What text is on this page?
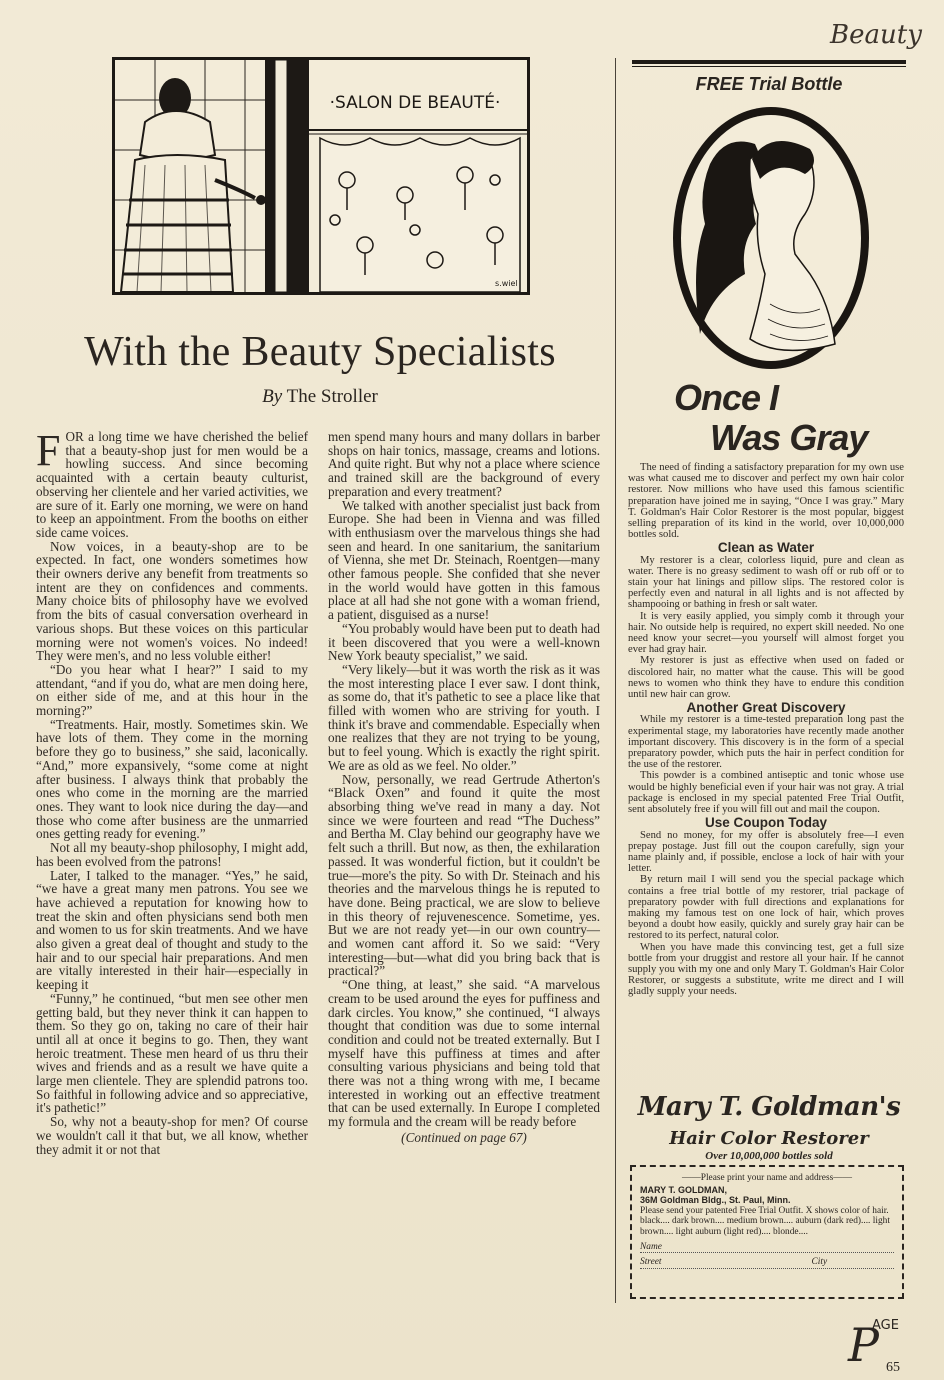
Beauty
·SALON DE BEAUTÉ·
s.wiel
With the Beauty Specialists
By The Stroller

FOR a long time we have cherished the belief that a beauty-shop just for men would be a howling success. And since becoming acquainted with a certain beauty culturist, observing her clientele and her varied activities, we are sure of it. Early one morning, we were on hand to keep an appointment. From the booths on either side came voices.

Now voices, in a beauty-shop are to be expected. In fact, one wonders sometimes how their owners derive any benefit from treatments so intent are they on confidences and comments. Many choice bits of philosophy have we evolved from the bits of casual conversation overheard in various shops. But these voices on this particular morning were not women's voices. No indeed! They were men's, and no less voluble either!

“Do you hear what I hear?” I said to my attendant, “and if you do, what are men doing here, on either side of me, and at this hour in the morning?”

“Treatments. Hair, mostly. Sometimes skin. We have lots of them. They come in the morning before they go to business,” she said, laconically. “And,” more expansively, “some come at night after business. I always think that probably the ones who come in the morning are the married ones. They want to look nice during the day—and those who come after business are the unmarried ones getting ready for evening.”

Not all my beauty-shop philosophy, I might add, has been evolved from the patrons!

Later, I talked to the manager. “Yes,” he said, “we have a great many men patrons. You see we have achieved a reputation for knowing how to treat the skin and often physicians send both men and women to us for skin treatments. And we have also given a great deal of thought and study to the hair and to our special hair preparations. And men are vitally interested in their hair—especially in keeping it

“Funny,” he continued, “but men see other men getting bald, but they never think it can happen to them. So they go on, taking no care of their hair until all at once it begins to go. Then, they want heroic treatment. These men heard of us thru their wives and friends and as a result we have quite a large men clientele. They are splendid patrons too. So faithful in following advice and so appreciative, it's pathetic!”

So, why not a beauty-shop for men? Of course we wouldn't call it that but, we all know, whether they admit it or not that

men spend many hours and many dollars in barber shops on hair tonics, massage, creams and lotions. And quite right. But why not a place where science and trained skill are the background of every preparation and every treatment?

We talked with another specialist just back from Europe. She had been in Vienna and was filled with enthusiasm over the marvelous things she had seen and heard. In one sanitarium, the sanitarium of Vienna, she met Dr. Steinach, Roentgen—many other famous people. She confided that she never in the world would have gotten in this famous place at all had she not gone with a woman friend, a patient, disguised as a nurse!

“You probably would have been put to death had it been discovered that you were a well-known New York beauty specialist,” we said.

“Very likely—but it was worth the risk as it was the most interesting place I ever saw. I dont think, as some do, that it's pathetic to see a place like that filled with women who are striving for youth. I think it's brave and commendable. Especially when one realizes that they are not trying to be young, but to feel young. Which is exactly the right spirit. We are as old as we feel. No older.”

Now, personally, we read Gertrude Atherton's “Black Oxen” and found it quite the most absorbing thing we've read in many a day. Not since we were fourteen and read “The Duchess” and Bertha M. Clay behind our geography have we felt such a thrill. But now, as then, the exhilaration passed. It was wonderful fiction, but it couldn't be true—more's the pity. So with Dr. Steinach and his theories and the marvelous things he is reputed to have done. Being practical, we are slow to believe in this theory of rejuvenescence. Sometime, yes. But we are not ready yet—in our own country—and women cant afford it. So we said: “Very interesting—but—what did you bring back that is practical?”

“One thing, at least,” she said. “A marvelous cream to be used around the eyes for puffiness and dark circles. You know,” she continued, “I always thought that condition was due to some internal condition and could not be treated externally. But I myself have this puffiness at times and after consulting various physicians and being told that there was not a thing wrong with me, I became interested in working out an effective treatment that can be used externally. In Europe I completed my formula and the cream will be ready before

(Continued on page 67)

FREE Trial Bottle
Once I
Was Gray

The need of finding a satisfactory preparation for my own use was what caused me to discover and perfect my own hair color restorer. Now millions who have used this famous scientific preparation have joined me in saying, “Once I was gray.” Mary T. Goldman's Hair Color Restorer is the most popular, biggest selling preparation of its kind in the world, over 10,000,000 bottles sold.

Clean as Water

My restorer is a clear, colorless liquid, pure and clean as water. There is no greasy sediment to wash off or rub off or to stain your hat linings and pillow slips. The restored color is perfectly even and natural in all lights and is not affected by shampooing or bathing in fresh or salt water.

It is very easily applied, you simply comb it through your hair. No outside help is required, no expert skill needed. No one need know your secret—you yourself will almost forget you ever had gray hair.

My restorer is just as effective when used on faded or discolored hair, no matter what the cause. This will be good news to women who think they have to endure this condition until new hair can grow.

Another Great Discovery

While my restorer is a time-tested preparation long past the experimental stage, my laboratories have recently made another important discovery. This discovery is in the form of a special preparatory powder, which puts the hair in perfect condition for the use of the restorer.

This powder is a combined antiseptic and tonic whose use would be highly beneficial even if your hair was not gray. A trial package is enclosed in my special patented Free Trial Outfit, sent absolutely free if you will fill out and mail the coupon.

Use Coupon Today

Send no money, for my offer is absolutely free—I even prepay postage. Just fill out the coupon carefully, sign your name plainly and, if possible, enclose a lock of hair with your letter.

By return mail I will send you the special package which contains a free trial bottle of my restorer, trial package of preparatory powder with full directions and explanations for making my famous test on one lock of hair, which proves beyond a doubt how easily, quickly and surely gray hair can be restored to its perfect, natural color.

When you have made this convincing test, get a full size bottle from your druggist and restore all your hair. If he cannot supply you with my one and only Mary T. Goldman's Hair Color Restorer, or suggests a substitute, write me direct and I will gladly supply your needs.

Mary T. Goldman's
Hair Color Restorer
Over 10,000,000 bottles sold
——Please print your name and address——
MARY T. GOLDMAN,
36M Goldman Bldg., St. Paul, Minn.
Please send your patented Free Trial Outfit. X shows color of hair.
black.... dark brown.... medium brown.... auburn (dark red).... light brown.... light auburn (light red).... blonde....
Name
Street	City
P
AGE
65
